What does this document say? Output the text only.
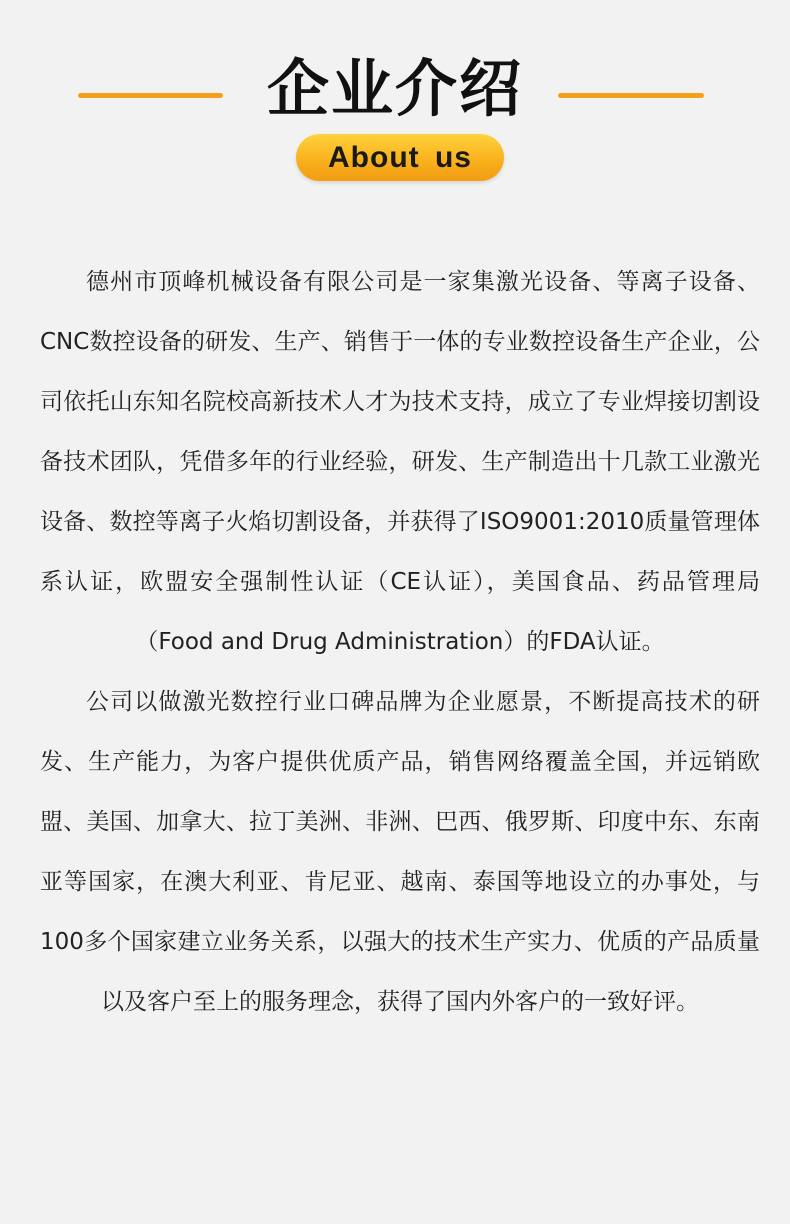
企业介绍
About us

德州市顶峰机械设备有限公司是一家集激光设备、等离子设备、CNC数控设备的研发、生产、销售于一体的专业数控设备生产企业，公司依托山东知名院校高新技术人才为技术支持，成立了专业焊接切割设备技术团队，凭借多年的行业经验，研发、生产制造出十几款工业激光设备、数控等离子火焰切割设备，并获得了ISO9001:2010质量管理体系认证，欧盟安全强制性认证（CE认证），美国食品、药品管理局（Food and Drug Administration）的FDA认证。

公司以做激光数控行业口碑品牌为企业愿景，不断提高技术的研发、生产能力，为客户提供优质产品，销售网络覆盖全国，并远销欧盟、美国、加拿大、拉丁美洲、非洲、巴西、俄罗斯、印度中东、东南亚等国家，在澳大利亚、肯尼亚、越南、泰国等地设立的办事处，与100多个国家建立业务关系，以强大的技术生产实力、优质的产品质量以及客户至上的服务理念，获得了国内外客户的一致好评。
